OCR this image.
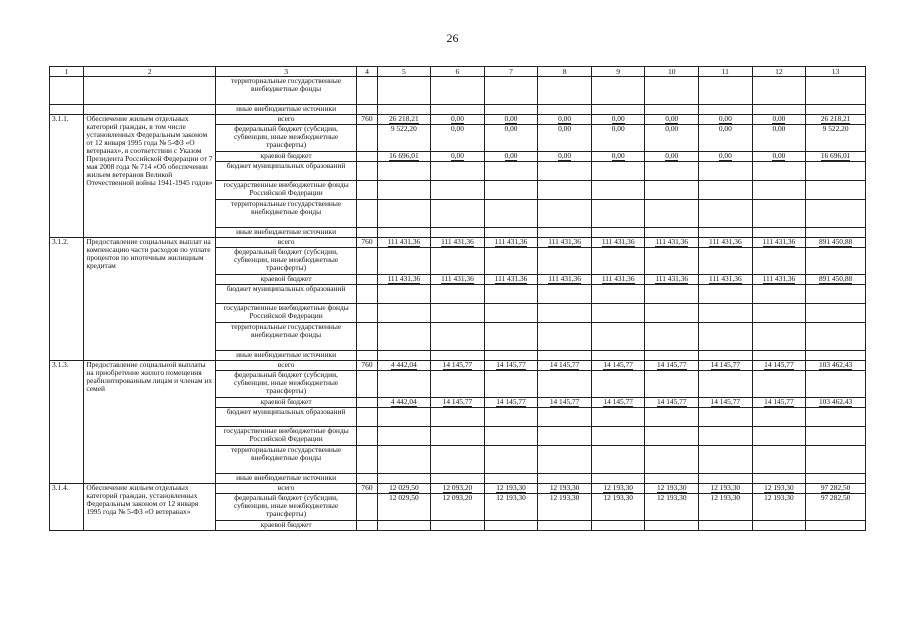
26
1	2	3	4	5	6	7	8	9	10	11	12	13
		территориальные государственные внебюджетные фонды										
		иные внебюджетные источники										
3.1.1.	Обеспечение жильем отдельных категорий граждан, в том числе установленных Федеральным законом от 12 января 1995 года № 5-ФЗ «О ветеранах», в соответствии с Указом Президента Российской Федерации от 7 мая 2008 года № 714 «Об обеспечении жильем ветеранов Великой Отечественной войны 1941-1945 годов»	всего	760	26 218,21	0,00	0,00	0,00	0,00	0,00	0,00	0,00	26 218,21
		федеральный бюджет (субсидии, субвенции, иные межбюджетные трансферты)		9 522,20	0,00	0,00	0,00	0,00	0,00	0,00	0,00	9 522,20
		краевой бюджет		16 696,01	0,00	0,00	0,00	0,00	0,00	0,00	0,00	16 696,01
		бюджет муниципальных образований										
		государственные внебюджетные фонды Российской Федерации										
		территориальные государственные внебюджетные фонды										
		иные внебюджетные источники										
3.1.2.	Предоставление социальных выплат на компенсацию части расходов по уплате процентов по ипотечным жилищным кредитам	всего	760	111 431,36	111 431,36	111 431,36	111 431,36	111 431,36	111 431,36	111 431,36	111 431,36	891 450,88
		федеральный бюджет (субсидии, субвенции, иные межбюджетные трансферты)										
		краевой бюджет		111 431,36	111 431,36	111 431,36	111 431,36	111 431,36	111 431,36	111 431,36	111 431,36	891 450,88
		бюджет муниципальных образований										
		государственные внебюджетные фонды Российской Федерации										
		территориальные государственные внебюджетные фонды										
		иные внебюджетные источники										
3.1.3.	Предоставление социальной выплаты на приобретение жилого помещения реабилитированным лицам и членам их семей	всего	760	4 442,04	14 145,77	14 145,77	14 145,77	14 145,77	14 145,77	14 145,77	14 145,77	103 462,43
		федеральный бюджет (субсидии, субвенции, иные межбюджетные трансферты)										
		краевой бюджет		4 442,04	14 145,77	14 145,77	14 145,77	14 145,77	14 145,77	14 145,77	14 145,77	103 462,43
		бюджет муниципальных образований										
		государственные внебюджетные фонды Российской Федерации										
		территориальные государственные внебюджетные фонды										
		иные внебюджетные источники										
3.1.4.	Обеспечение жильем отдельных категорий граждан, установленных Федеральным законом от 12 января 1995 года № 5-ФЗ «О ветеранах»	всего	760	12 029,50	12 093,20	12 193,30	12 193,30	12 193,30	12 193,30	12 193,30	12 193,30	97 282,50
		федеральный бюджет (субсидии, субвенции, иные межбюджетные трансферты)		12 029,50	12 093,20	12 193,30	12 193,30	12 193,30	12 193,30	12 193,30	12 193,30	97 282,50
		краевой бюджет										
